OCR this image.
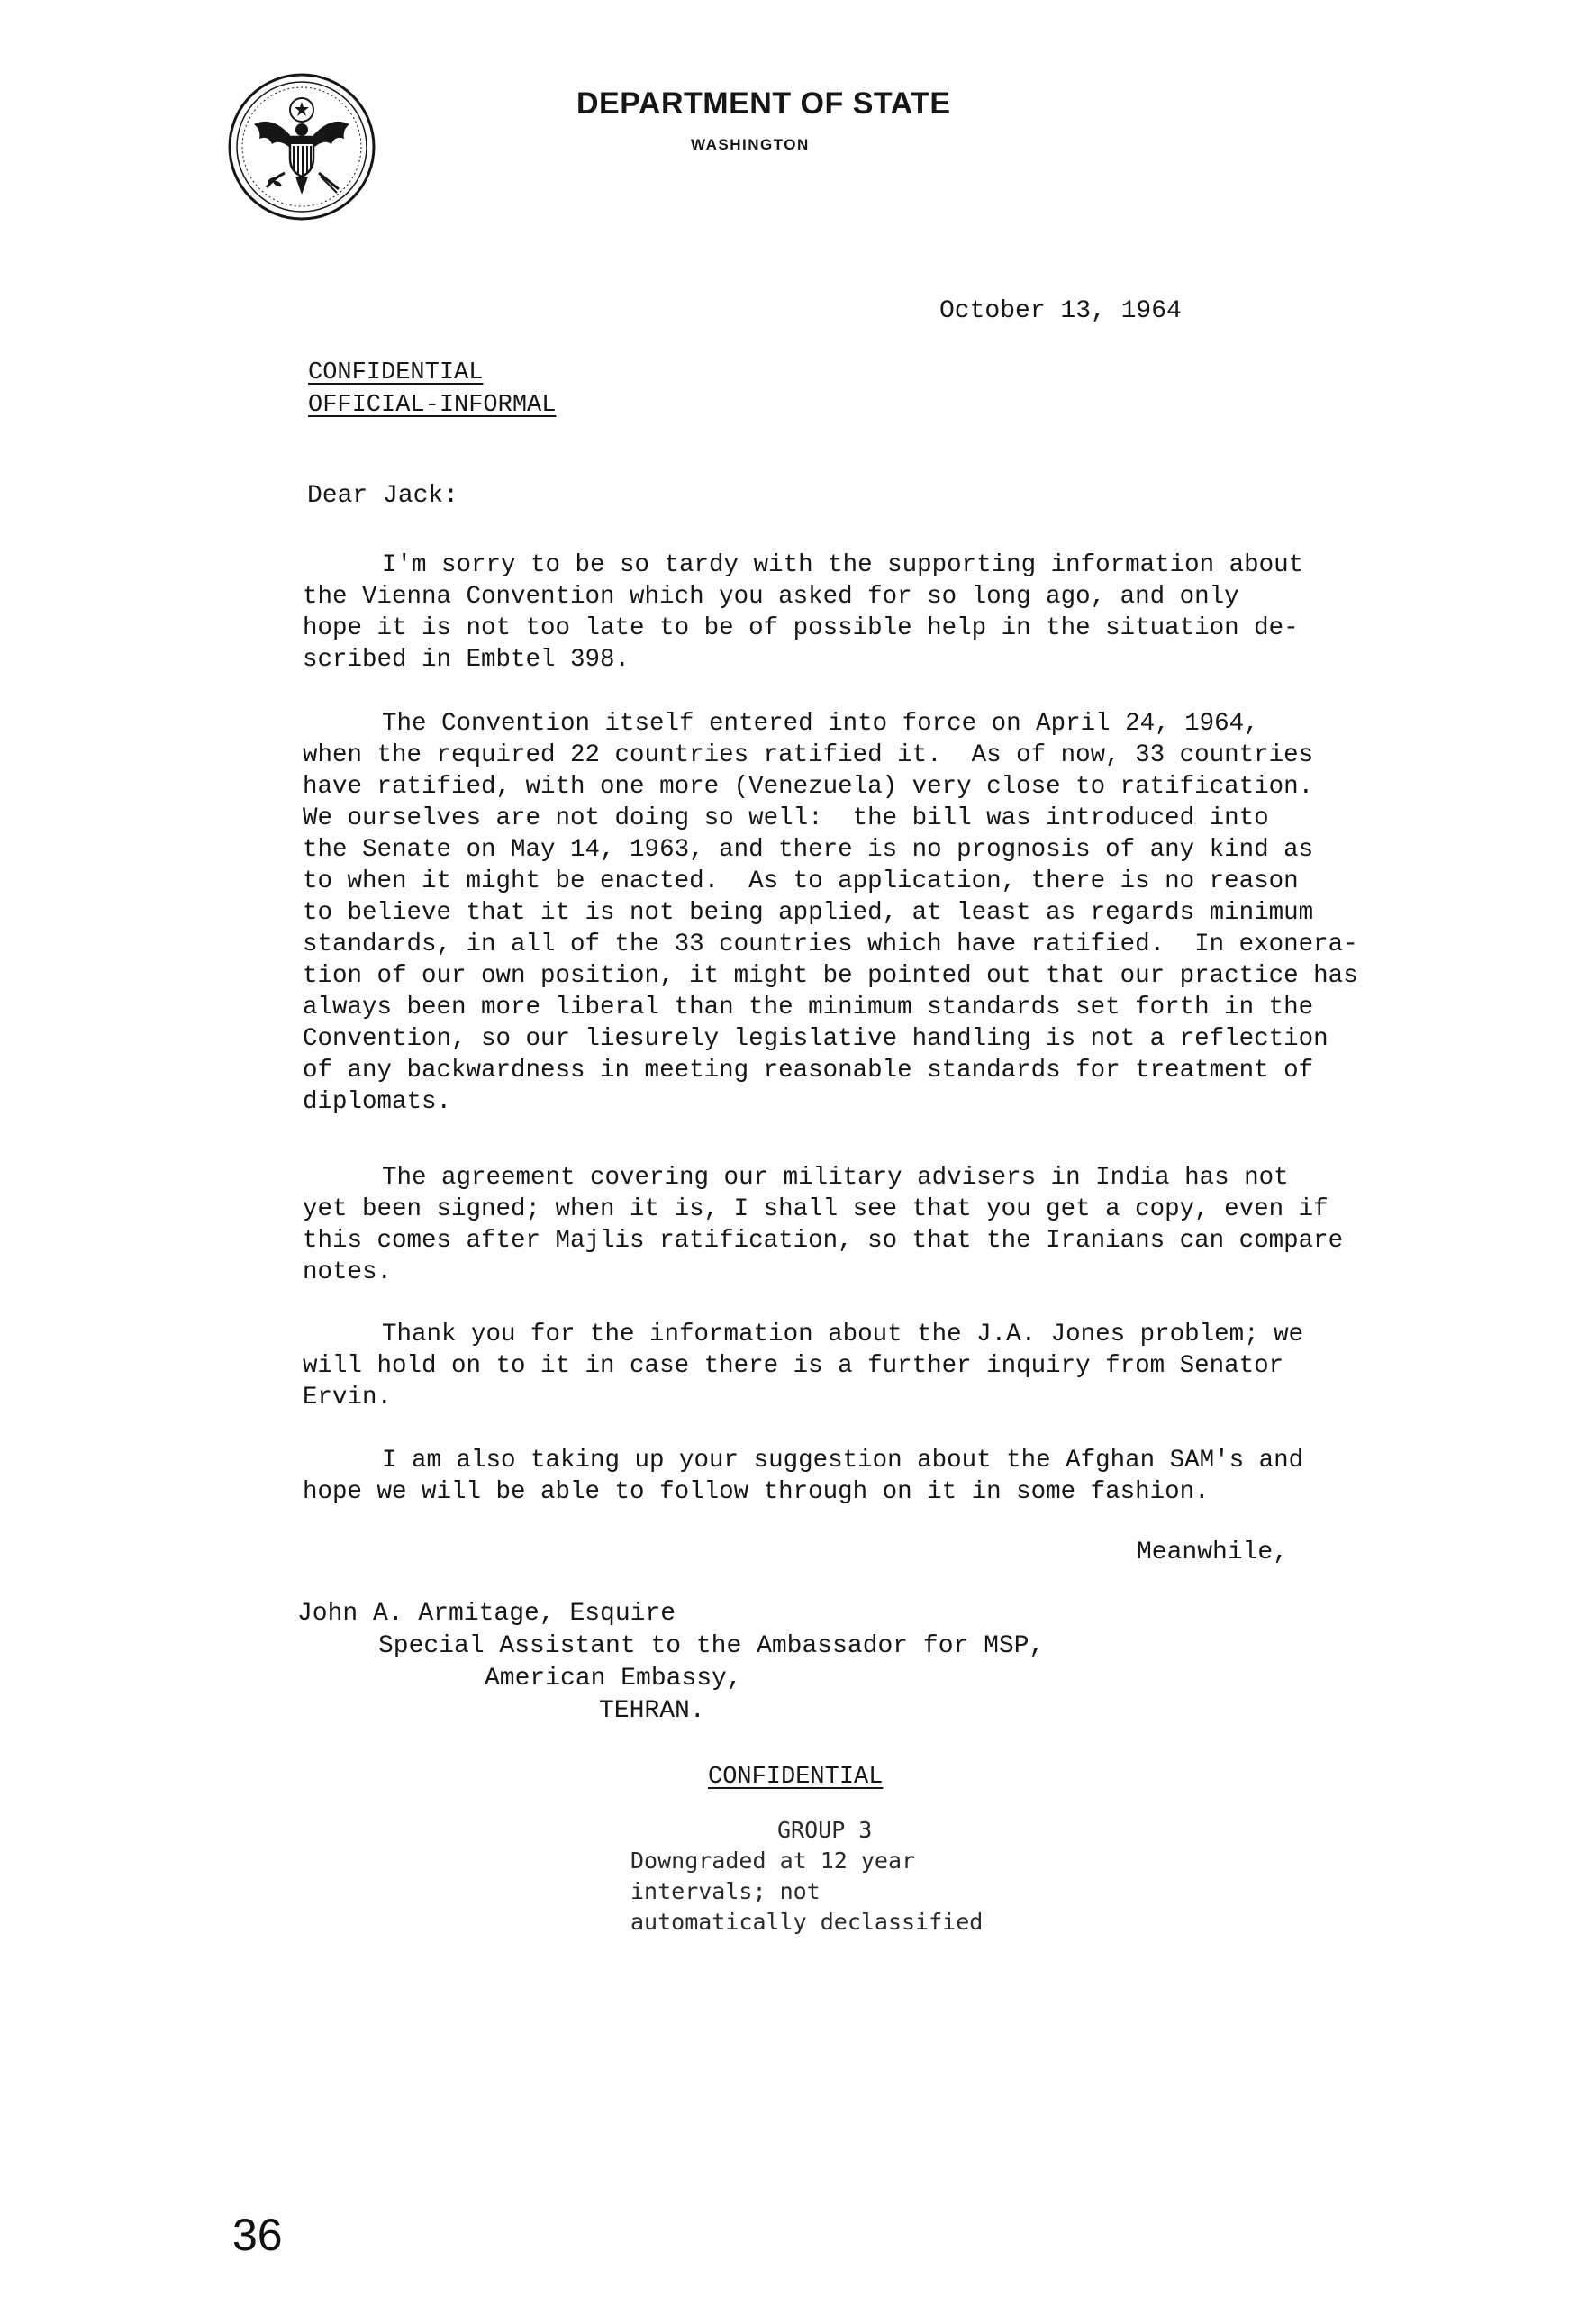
DEPARTMENT OF STATE
WASHINGTON
October 13, 1964
CONFIDENTIAL
OFFICIAL-INFORMAL
Dear Jack:
I'm sorry to be so tardy with the supporting information about
the Vienna Convention which you asked for so long ago, and only
hope it is not too late to be of possible help in the situation de-
scribed in Embtel 398.
The Convention itself entered into force on April 24, 1964,
when the required 22 countries ratified it.  As of now, 33 countries
have ratified, with one more (Venezuela) very close to ratification.
We ourselves are not doing so well:  the bill was introduced into
the Senate on May 14, 1963, and there is no prognosis of any kind as
to when it might be enacted.  As to application, there is no reason
to believe that it is not being applied, at least as regards minimum
standards, in all of the 33 countries which have ratified.  In exonera-
tion of our own position, it might be pointed out that our practice has
always been more liberal than the minimum standards set forth in the
Convention, so our liesurely legislative handling is not a reflection
of any backwardness in meeting reasonable standards for treatment of
diplomats.
The agreement covering our military advisers in India has not
yet been signed; when it is, I shall see that you get a copy, even if
this comes after Majlis ratification, so that the Iranians can compare
notes.
Thank you for the information about the J.A. Jones problem; we
will hold on to it in case there is a further inquiry from Senator
Ervin.
I am also taking up your suggestion about the Afghan SAM's and
hope we will be able to follow through on it in some fashion.
Meanwhile,
John A. Armitage, Esquire
Special Assistant to the Ambassador for MSP,
American Embassy,
TEHRAN.
CONFIDENTIAL
GROUP 3
Downgraded at 12 year
intervals; not
automatically declassified
36
